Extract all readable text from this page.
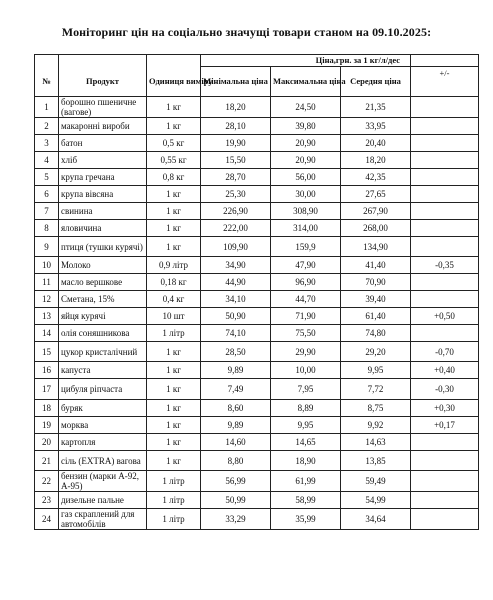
Моніторинг цін на соціально значущі товари станом на 09.10.2025:
			Ціна,грн. за 1 кг/л/дес			
№	Продукт	Одиниця виміру	Мінімальна ціна	Максимальна ціна	Середня ціна	+/-
1	борошно пшеничне (вагове)	1 кг	18,20	24,50	21,35	
2	макаронні вироби	1 кг	28,10	39,80	33,95	
3	батон	0,5 кг	19,90	20,90	20,40	
4	хліб	0,55 кг	15,50	20,90	18,20	
5	крупа гречана	0,8 кг	28,70	56,00	42,35	
6	крупа вівсяна	1 кг	25,30	30,00	27,65	
7	свинина	1 кг	226,90	308,90	267,90	
8	яловичина	1 кг	222,00	314,00	268,00	
9	птиця (тушки курячі)	1 кг	109,90	159,9	134,90	
10	Молоко	0,9 літр	34,90	47,90	41,40	-0,35
11	масло вершкове	0,18 кг	44,90	96,90	70,90	
12	Сметана, 15%	0,4 кг	34,10	44,70	39,40	
13	яйця курячі	10 шт	50,90	71,90	61,40	+0,50
14	олія соняшникова	1 літр	74,10	75,50	74,80	
15	цукор кристалічний	1 кг	28,50	29,90	29,20	-0,70
16	капуста	1 кг	9,89	10,00	9,95	+0,40
17	цибуля ріпчаста	1 кг	7,49	7,95	7,72	-0,30
18	буряк	1 кг	8,60	8,89	8,75	+0,30
19	морква	1 кг	9,89	9,95	9,92	+0,17
20	картопля	1 кг	14,60	14,65	14,63	
21	сіль (EXTRA) вагова	1 кг	8,80	18,90	13,85	
22	бензин (марки А-92, А-95)	1 літр	56,99	61,99	59,49	
23	дизельне пальне	1 літр	50,99	58,99	54,99	
24	газ скраплений для автомобілів	1 літр	33,29	35,99	34,64	
